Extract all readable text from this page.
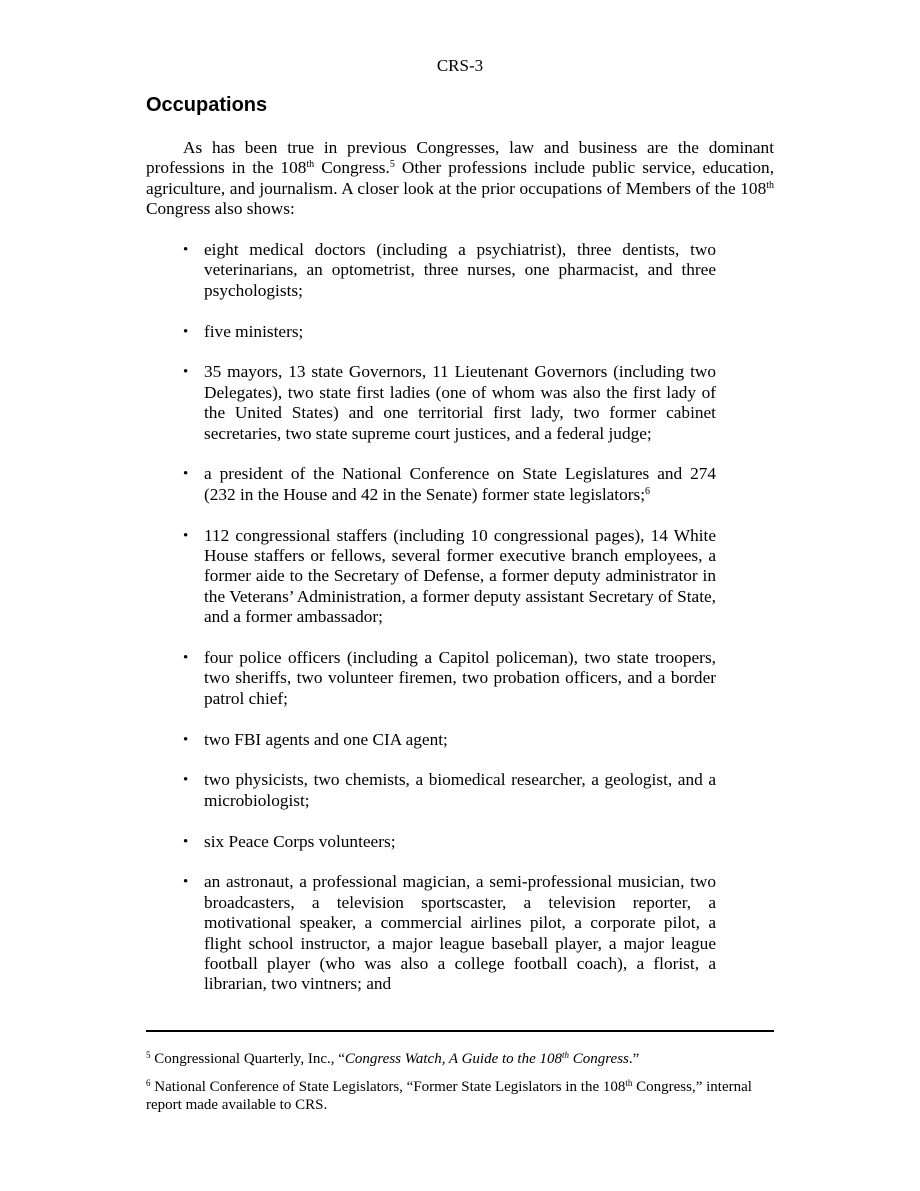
CRS-3
Occupations

As has been true in previous Congresses, law and business are the dominant professions in the 108th Congress.$^5$ Other professions include public service, education, agriculture, and journalism. A closer look at the prior occupations of Members of the 108th Congress also shows:

• eight medical doctors (including a psychiatrist), three dentists, two veterinarians, an optometrist, three nurses, one pharmacist, and three psychologists;
• five ministers;
• 35 mayors, 13 state Governors, 11 Lieutenant Governors (including two Delegates), two state first ladies (one of whom was also the first lady of the United States) and one territorial first lady, two former cabinet secretaries, two state supreme court justices, and a federal judge;
• a president of the National Conference on State Legislatures and 274 (232 in the House and 42 in the Senate) former state legislators;$^6$
• 112 congressional staffers (including 10 congressional pages), 14 White House staffers or fellows, several former executive branch employees, a former aide to the Secretary of Defense, a former deputy administrator in the Veterans’ Administration, a former deputy assistant Secretary of State, and a former ambassador;
• four police officers (including a Capitol policeman), two state troopers, two sheriffs, two volunteer firemen, two probation officers, and a border patrol chief;
• two FBI agents and one CIA agent;
• two physicists, two chemists, a biomedical researcher, a geologist, and a microbiologist;
• six Peace Corps volunteers;
• an astronaut, a professional magician, a semi-professional musician, two broadcasters, a television sportscaster, a television reporter, a motivational speaker, a commercial airlines pilot, a corporate pilot, a flight school instructor, a major league baseball player, a major league football player (who was also a college football coach), a florist, a librarian, two vintners; and

$^5$ Congressional Quarterly, Inc., “Congress Watch, A Guide to the 108th Congress.”

$^6$ National Conference of State Legislators, “Former State Legislators in the 108th Congress,” internal report made available to CRS.
